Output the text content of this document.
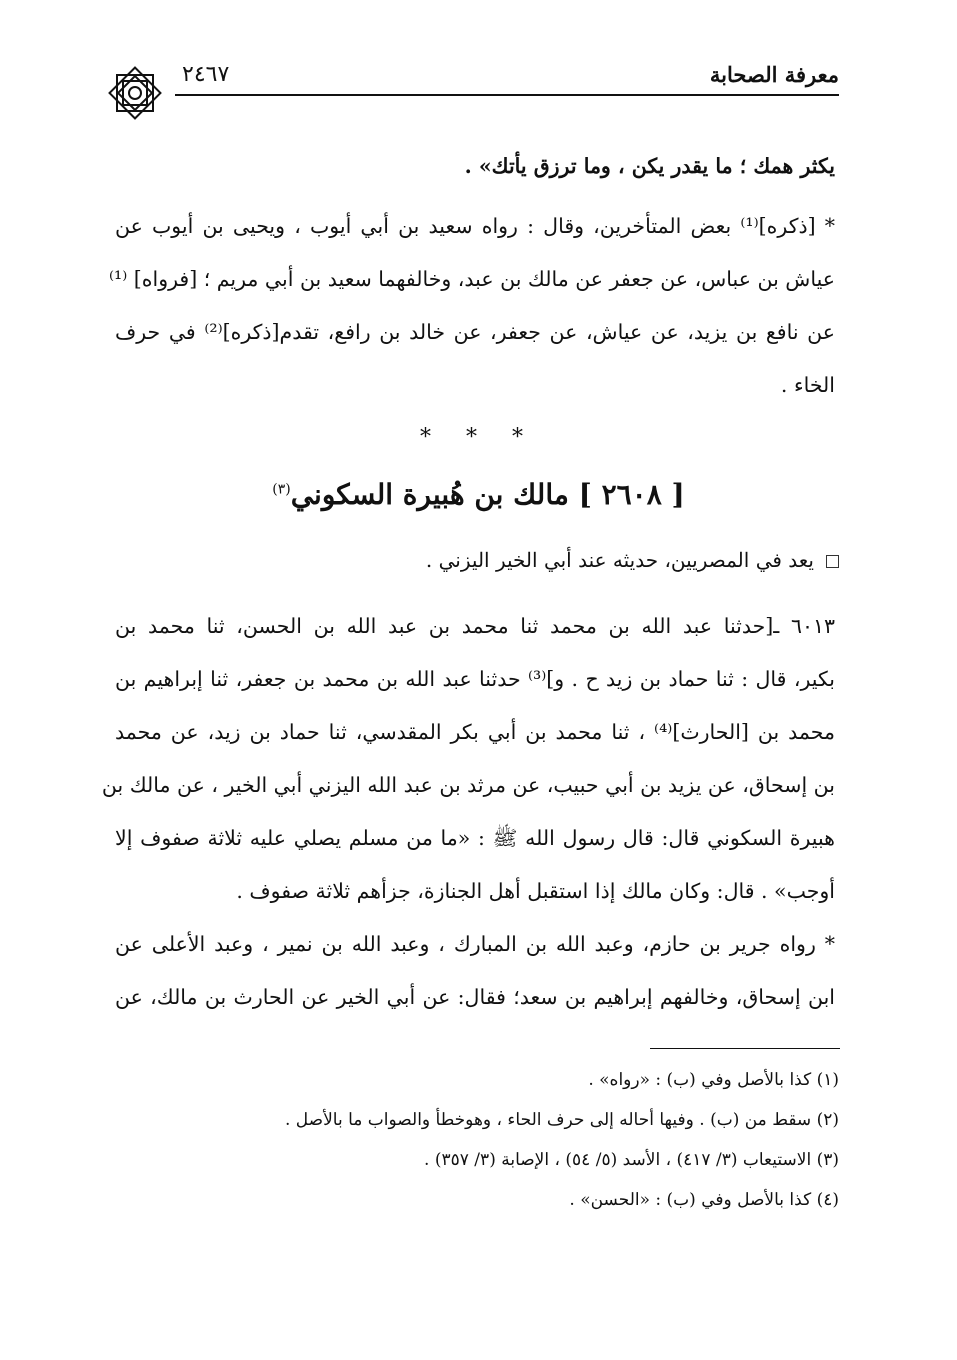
معرفة الصحابة
٢٤٦٧
يكثر همك ؛ ما يقدر يكن ، وما ترزق يأتك» .
* [ذكره]⁽¹⁾ بعض المتأخرين، وقال : رواه سعيد بن أبي أيوب ، ويحيى بن أيوب عن
عياش بن عباس، عن جعفر عن مالك بن عبد، وخالفهما سعيد بن أبي مريم ؛ [فرواه] ⁽¹⁾
عن نافع بن يزيد، عن عياش، عن جعفر، عن خالد بن رافع، تقدم[ذكره]⁽²⁾ في حرف
الخاء .
* * *
[ ٢٦٠٨ ] مالك بن هُبيرة السكوني$^{(٣)}$
يعد في المصريين، حديثه عند أبي الخير اليزني .
٦٠١٣ ـ[حدثنا عبد الله بن محمد ثنا محمد بن عبد الله بن الحسن، ثنا محمد بن
بكير، قال : ثنا حماد بن زيد ح . و]⁽³⁾ حدثنا عبد الله بن محمد بن جعفر، ثنا إبراهيم بن
محمد بن [الحارث]⁽⁴⁾ ، ثنا محمد بن أبي بكر المقدسي، ثنا حماد بن زيد، عن محمد
بن إسحاق، عن يزيد بن أبي حبيب، عن مرثد بن عبد الله اليزني أبي الخير ، عن مالك بن
هبيرة السكوني قال: قال رسول الله ﷺ : «ما من مسلم يصلي عليه ثلاثة صفوف إلا
أوجب» . قال: وكان مالك إذا استقبل أهل الجنازة، جزأهم ثلاثة صفوف .
* رواه جرير بن حازم، وعبد الله بن المبارك ، وعبد الله بن نمير ، وعبد الأعلى عن
ابن إسحاق، وخالفهم إبراهيم بن سعد؛ فقال: عن أبي الخير عن الحارث بن مالك، عن
(١) كذا بالأصل وفي (ب) : «رواه» .
(٢) سقط من (ب) . وفيها أحاله إلى حرف الحاء ، وهوخطأ والصواب ما بالأصل .
(٣) الاستيعاب (٣/ ٤١٧) ، الأسد (٥/ ٥٤) ، الإصابة (٣/ ٣٥٧) .
(٤) كذا بالأصل وفي (ب) : «الحسن» .
